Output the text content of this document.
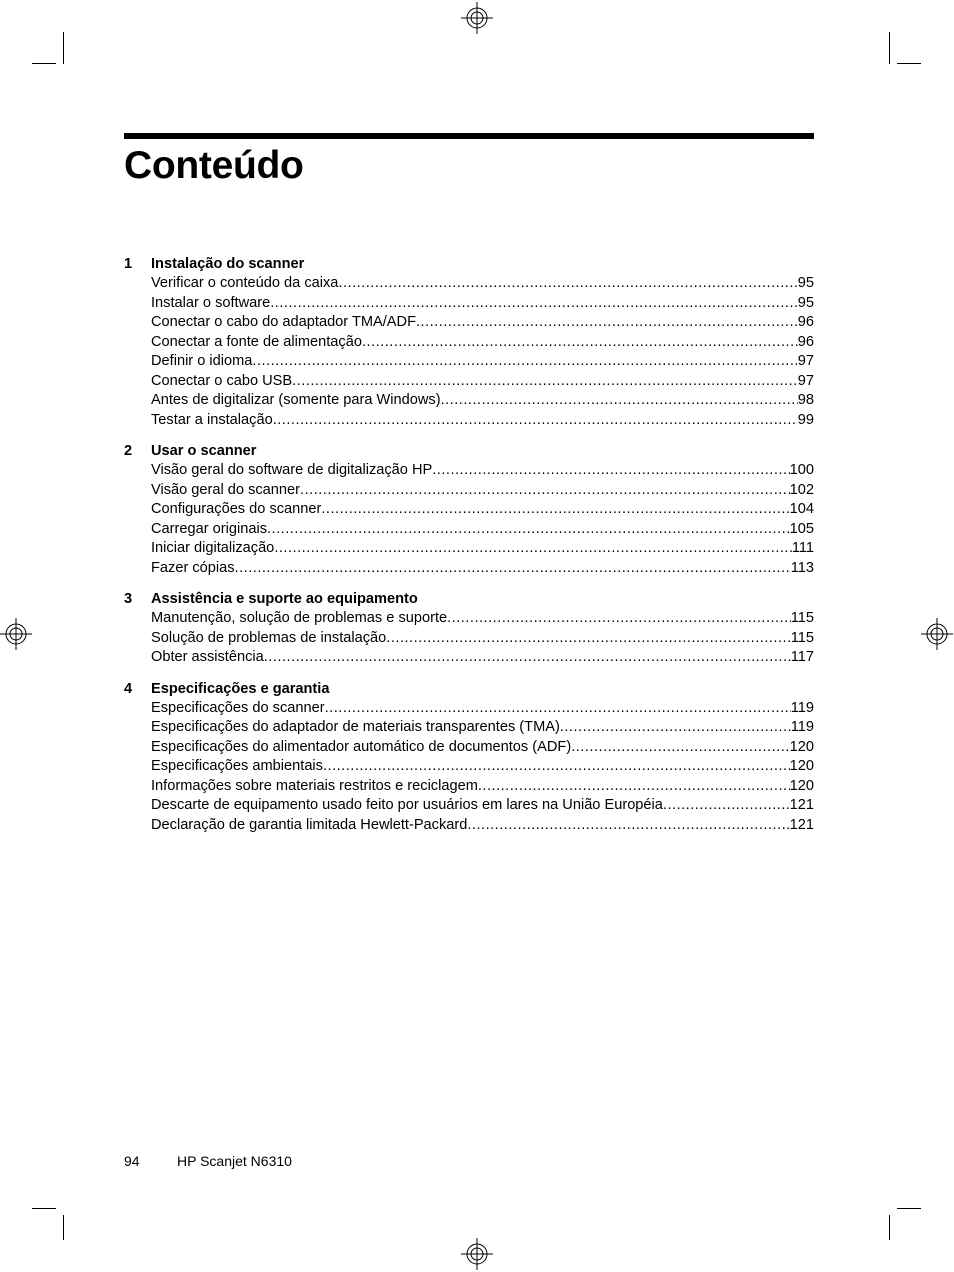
Conteúdo
1	Instalação do scanner
Verificar o conteúdo da caixa .....	95
Instalar o software .....	95
Conectar o cabo do adaptador TMA/ADF .....	96
Conectar a fonte de alimentação .....	96
Definir o idioma .....	97
Conectar o cabo USB .....	97
Antes de digitalizar (somente para Windows) .....	98
Testar a instalação .....	99
2	Usar o scanner
Visão geral do software de digitalização HP .....	100
Visão geral do scanner .....	102
Configurações do scanner .....	104
Carregar originais .....	105
Iniciar digitalização .....	111
Fazer cópias .....	113
3	Assistência e suporte ao equipamento
Manutenção, solução de problemas e suporte .....	115
Solução de problemas de instalação .....	115
Obter assistência .....	117
4	Especificações e garantia
Especificações do scanner .....	119
Especificações do adaptador de materiais transparentes (TMA) .....	119
Especificações do alimentador automático de documentos (ADF) .....	120
Especificações ambientais .....	120
Informações sobre materiais restritos e reciclagem .....	120
Descarte de equipamento usado feito por usuários em lares na União Européia .....	121
Declaração de garantia limitada Hewlett-Packard .....	121
94	HP Scanjet N6310
